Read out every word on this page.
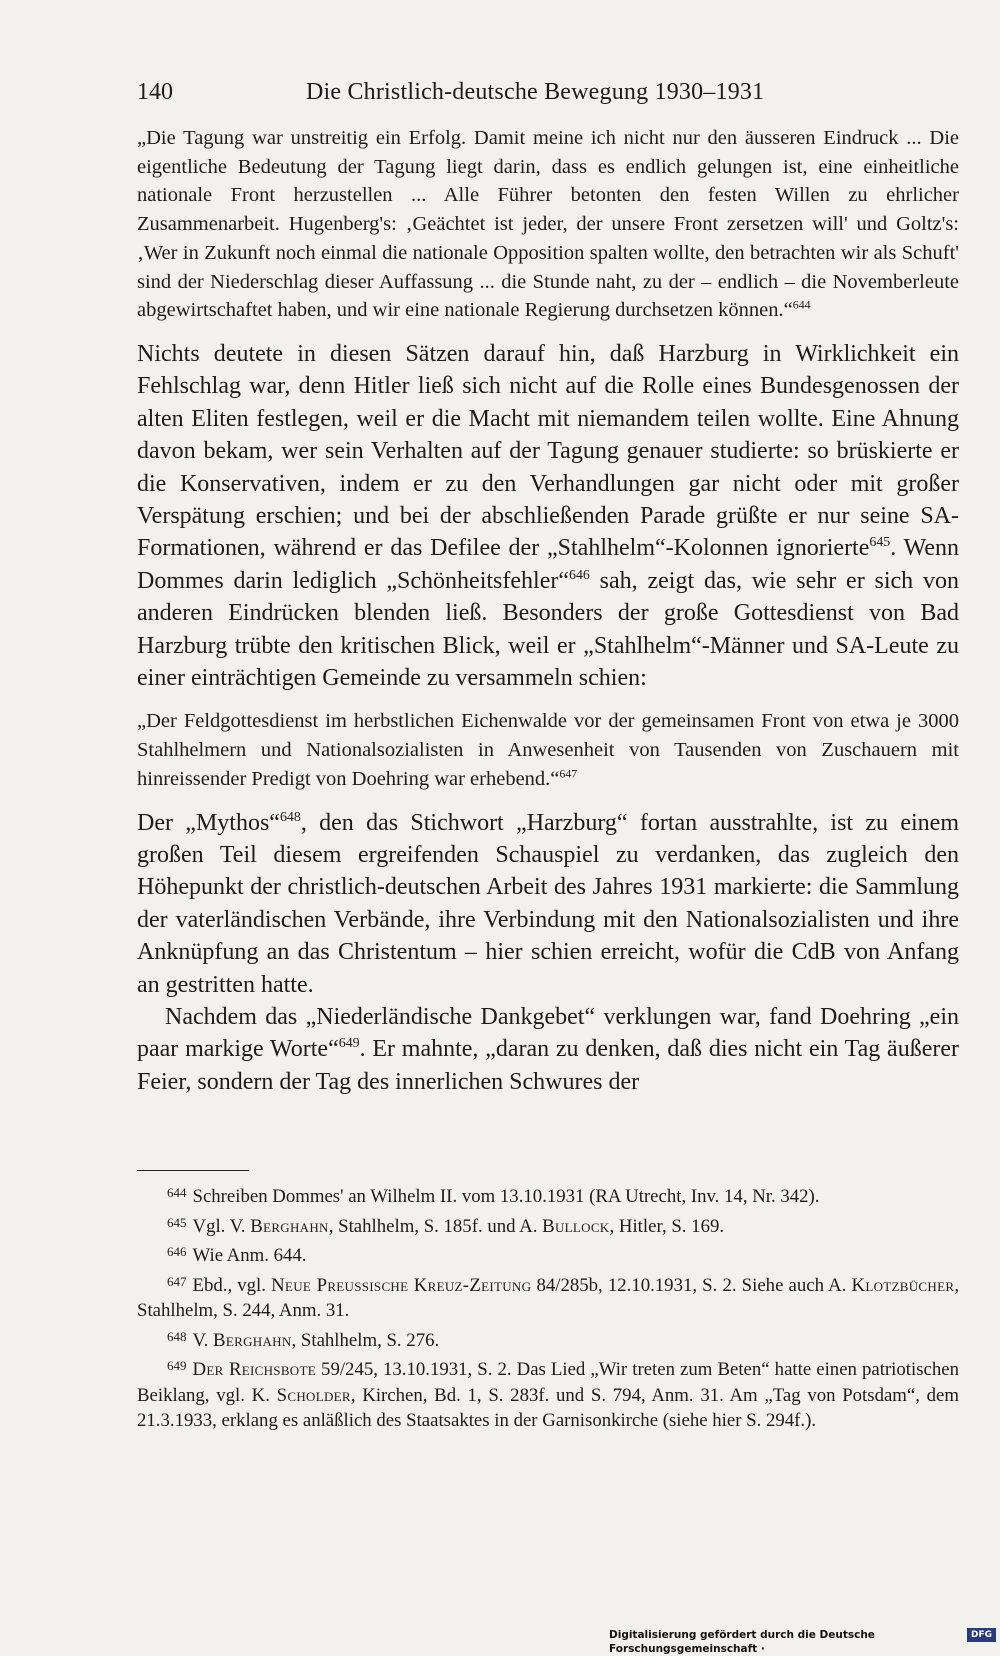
140	Die Christlich-deutsche Bewegung 1930–1931

„Die Tagung war unstreitig ein Erfolg. Damit meine ich nicht nur den äusseren Eindruck ... Die eigentliche Bedeutung der Tagung liegt darin, dass es endlich gelungen ist, eine einheitliche nationale Front herzustellen ... Alle Führer betonten den festen Willen zu ehrlicher Zusammenarbeit. Hugenberg's: ‚Geächtet ist jeder, der unsere Front zersetzen will' und Goltz's: ‚Wer in Zukunft noch einmal die nationale Opposition spalten wollte, den betrachten wir als Schuft' sind der Niederschlag dieser Auffassung ... die Stunde naht, zu der – endlich – die Novemberleute abgewirtschaftet haben, und wir eine nationale Regierung durchsetzen können.“$^{644}$

Nichts deutete in diesen Sätzen darauf hin, daß Harzburg in Wirklichkeit ein Fehlschlag war, denn Hitler ließ sich nicht auf die Rolle eines Bundesgenossen der alten Eliten festlegen, weil er die Macht mit niemandem teilen wollte. Eine Ahnung davon bekam, wer sein Verhalten auf der Tagung genauer studierte: so brüskierte er die Konservativen, indem er zu den Verhandlungen gar nicht oder mit großer Verspätung erschien; und bei der abschließenden Parade grüßte er nur seine SA-Formationen, während er das Defilee der „Stahlhelm“-Kolonnen ignorierte$^{645}$. Wenn Dommes darin lediglich „Schönheitsfehler“$^{646}$ sah, zeigt das, wie sehr er sich von anderen Eindrücken blenden ließ. Besonders der große Gottesdienst von Bad Harzburg trübte den kritischen Blick, weil er „Stahlhelm“-Männer und SA-Leute zu einer einträchtigen Gemeinde zu versammeln schien:

„Der Feldgottesdienst im herbstlichen Eichenwalde vor der gemeinsamen Front von etwa je 3000 Stahlhelmern und Nationalsozialisten in Anwesenheit von Tausenden von Zuschauern mit hinreissender Predigt von Doehring war erhebend.“$^{647}$

Der „Mythos“$^{648}$, den das Stichwort „Harzburg“ fortan ausstrahlte, ist zu einem großen Teil diesem ergreifenden Schauspiel zu verdanken, das zugleich den Höhepunkt der christlich-deutschen Arbeit des Jahres 1931 markierte: die Sammlung der vaterländischen Verbände, ihre Verbindung mit den Nationalsozialisten und ihre Anknüpfung an das Christentum – hier schien erreicht, wofür die CdB von Anfang an gestritten hatte.

Nachdem das „Niederländische Dankgebet“ verklungen war, fand Doehring „ein paar markige Worte“$^{649}$. Er mahnte, „daran zu denken, daß dies nicht ein Tag äußerer Feier, sondern der Tag des innerlichen Schwures der

$^{644}$ Schreiben Dommes' an Wilhelm II. vom 13.10.1931 (RA Utrecht, Inv. 14, Nr. 342).

$^{645}$ Vgl. V. Berghahn, Stahlhelm, S. 185f. und A. Bullock, Hitler, S. 169.

$^{646}$ Wie Anm. 644.

$^{647}$ Ebd., vgl. Neue Preussische Kreuz-Zeitung 84/285b, 12.10.1931, S. 2. Siehe auch A. Klotzbücher, Stahlhelm, S. 244, Anm. 31.

$^{648}$ V. Berghahn, Stahlhelm, S. 276.

$^{649}$ Der Reichsbote 59/245, 13.10.1931, S. 2. Das Lied „Wir treten zum Beten“ hatte einen patriotischen Beiklang, vgl. K. Scholder, Kirchen, Bd. 1, S. 283f. und S. 794, Anm. 31. Am „Tag von Potsdam“, dem 21.3.1933, erklang es anläßlich des Staatsaktes in der Garnisonkirche (siehe hier S. 294f.).

Digitalisierung gefördert durch die Deutsche Forschungsgemeinschaft ·
DFG
